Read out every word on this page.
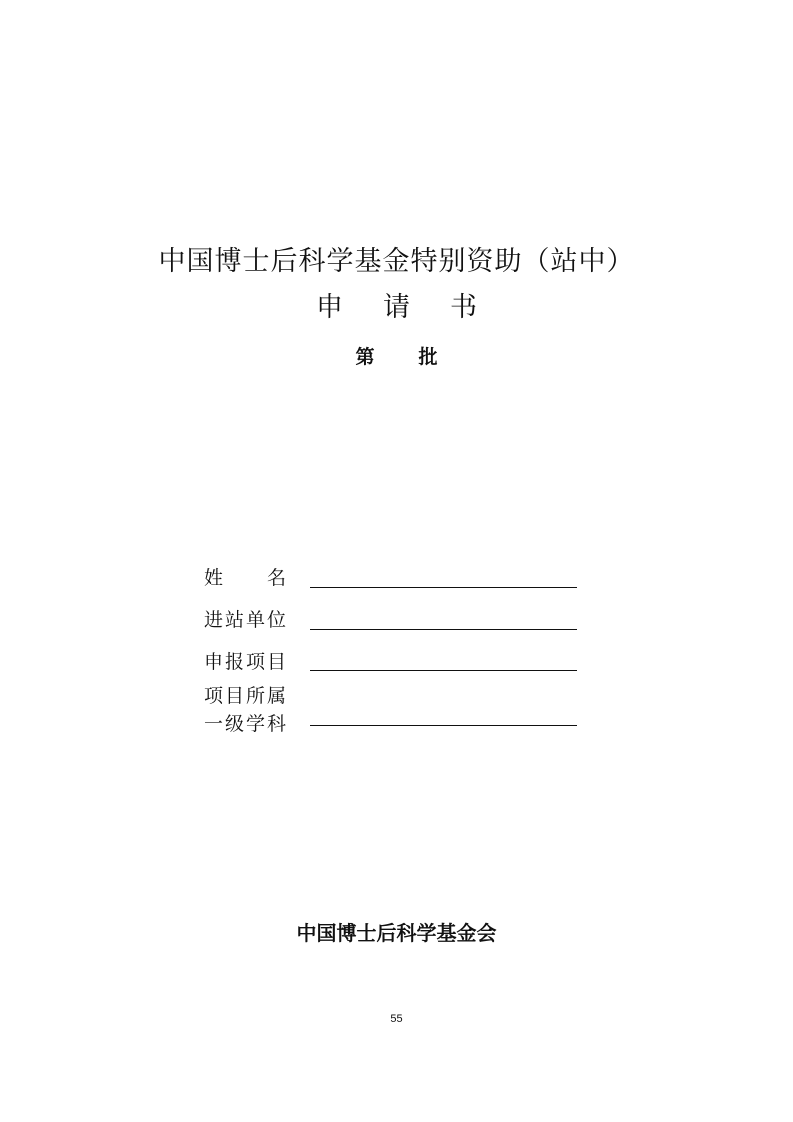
中国博士后科学基金特别资助（站中）
申 请 书
第 批
姓　　名
进站单位
申报项目
项目所属
一级学科
中国博士后科学基金会
55
